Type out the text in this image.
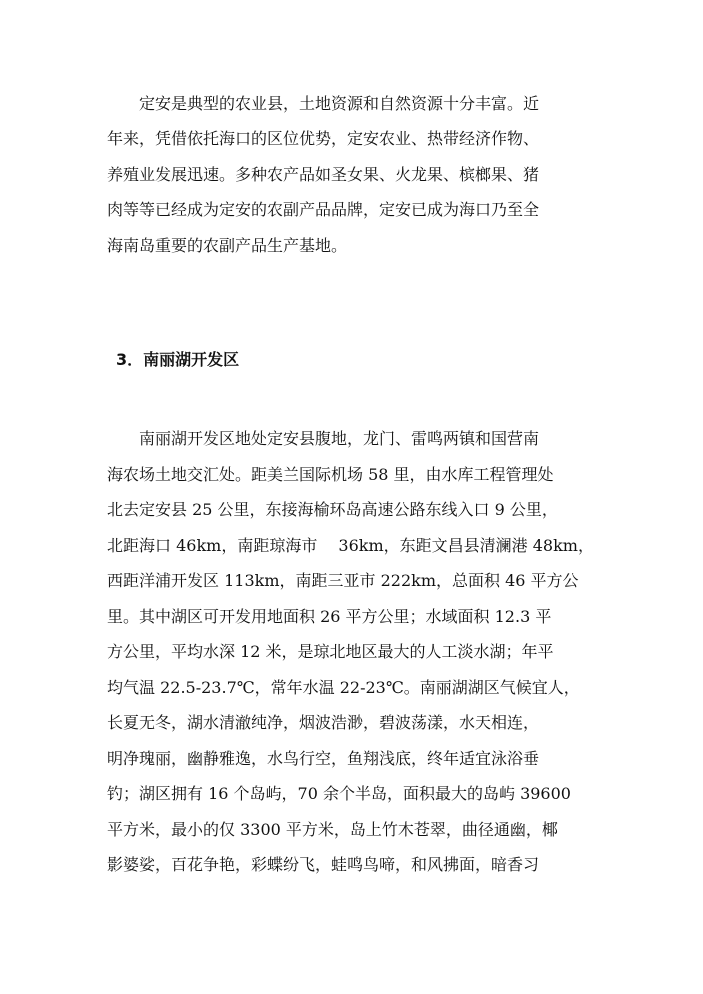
　　定安是典型的农业县，土地资源和自然资源十分丰富。近
年来，凭借依托海口的区位优势，定安农业、热带经济作物、
养殖业发展迅速。多种农产品如圣女果、火龙果、槟榔果、猪
肉等等已经成为定安的农副产品品牌，定安已成为海口乃至全
海南岛重要的农副产品生产基地。
3．南丽湖开发区
　　南丽湖开发区地处定安县腹地，龙门、雷鸣两镇和国营南
海农场土地交汇处。距美兰国际机场 58 里，由水库工程管理处
北去定安县 25 公里，东接海榆环岛高速公路东线入口 9 公里，
北距海口 46km，南距琼海市　 36km，东距文昌县清澜港 48km，
西距洋浦开发区 113km，南距三亚市 222km，总面积 46 平方公
里。其中湖区可开发用地面积 26 平方公里；水域面积 12.3 平
方公里，平均水深 12 米，是琼北地区最大的人工淡水湖；年平
均气温 22.5-23.7℃，常年水温 22-23℃。南丽湖湖区气候宜人，
长夏无冬，湖水清澈纯净，烟波浩渺，碧波荡漾，水天相连，
明净瑰丽，幽静雅逸，水鸟行空，鱼翔浅底，终年适宜泳浴垂
钓；湖区拥有 16 个岛屿，70 余个半岛，面积最大的岛屿 39600
平方米，最小的仅 3300 平方米，岛上竹木苍翠，曲径通幽，椰
影婆娑，百花争艳，彩蝶纷飞，蛙鸣鸟啼，和风拂面，暗香习
